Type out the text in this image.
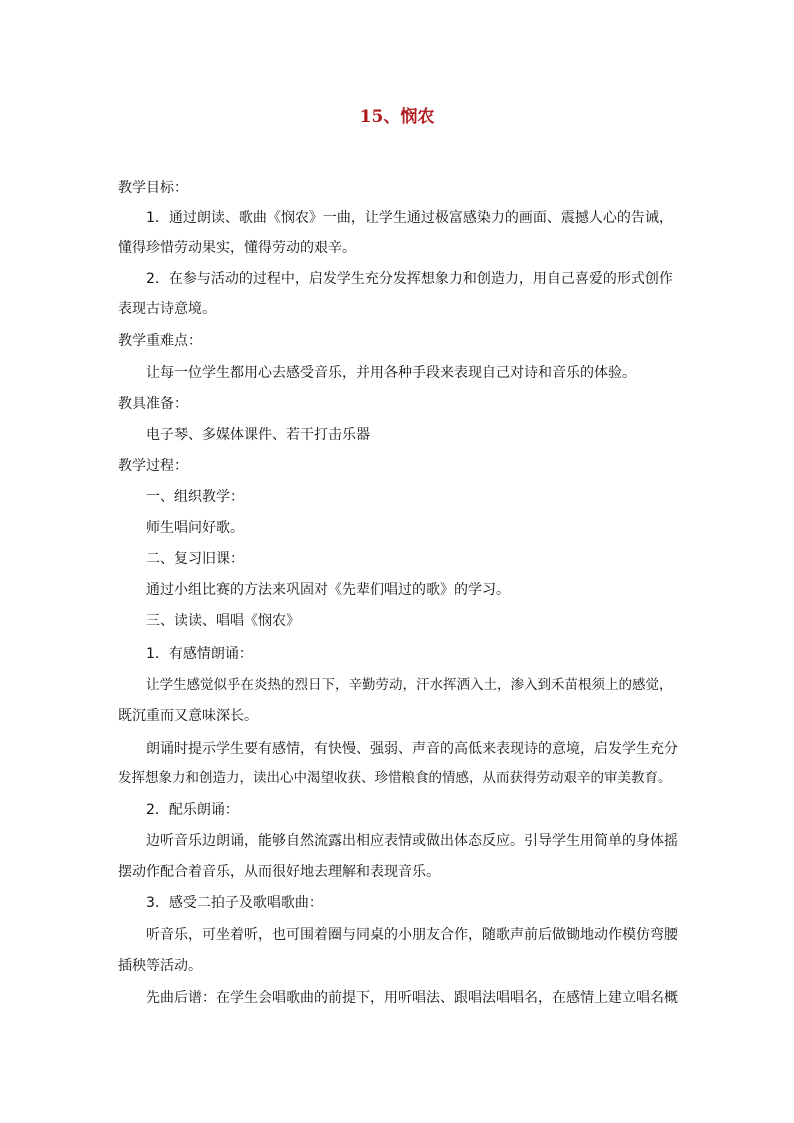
15、悯农
教学目标：
1．通过朗读、歌曲《悯农》一曲，让学生通过极富感染力的画面、震撼人心的告诫，
懂得珍惜劳动果实，懂得劳动的艰辛。
2．在参与活动的过程中，启发学生充分发挥想象力和创造力，用自己喜爱的形式创作
表现古诗意境。
教学重难点：
让每一位学生都用心去感受音乐，并用各种手段来表现自己对诗和音乐的体验。
教具准备：
电子琴、多媒体课件、若干打击乐器
教学过程：
一、组织教学：
师生唱问好歌。
二、复习旧课：
通过小组比赛的方法来巩固对《先辈们唱过的歌》的学习。
三、读读、唱唱《悯农》
1．有感情朗诵：
让学生感觉似乎在炎热的烈日下，辛勤劳动，汗水挥洒入土，渗入到禾苗根须上的感觉，
既沉重而又意味深长。
朗诵时提示学生要有感情，有快慢、强弱、声音的高低来表现诗的意境，启发学生充分
发挥想象力和创造力，读出心中渴望收获、珍惜粮食的情感，从而获得劳动艰辛的审美教育。
2．配乐朗诵：
边听音乐边朗诵，能够自然流露出相应表情或做出体态反应。引导学生用简单的身体摇
摆动作配合着音乐，从而很好地去理解和表现音乐。
3．感受二拍子及歌唱歌曲：
听音乐，可坐着听，也可围着圈与同桌的小朋友合作，随歌声前后做锄地动作模仿弯腰
插秧等活动。
先曲后谱：在学生会唱歌曲的前提下，用听唱法、跟唱法唱唱名，在感情上建立唱名概
